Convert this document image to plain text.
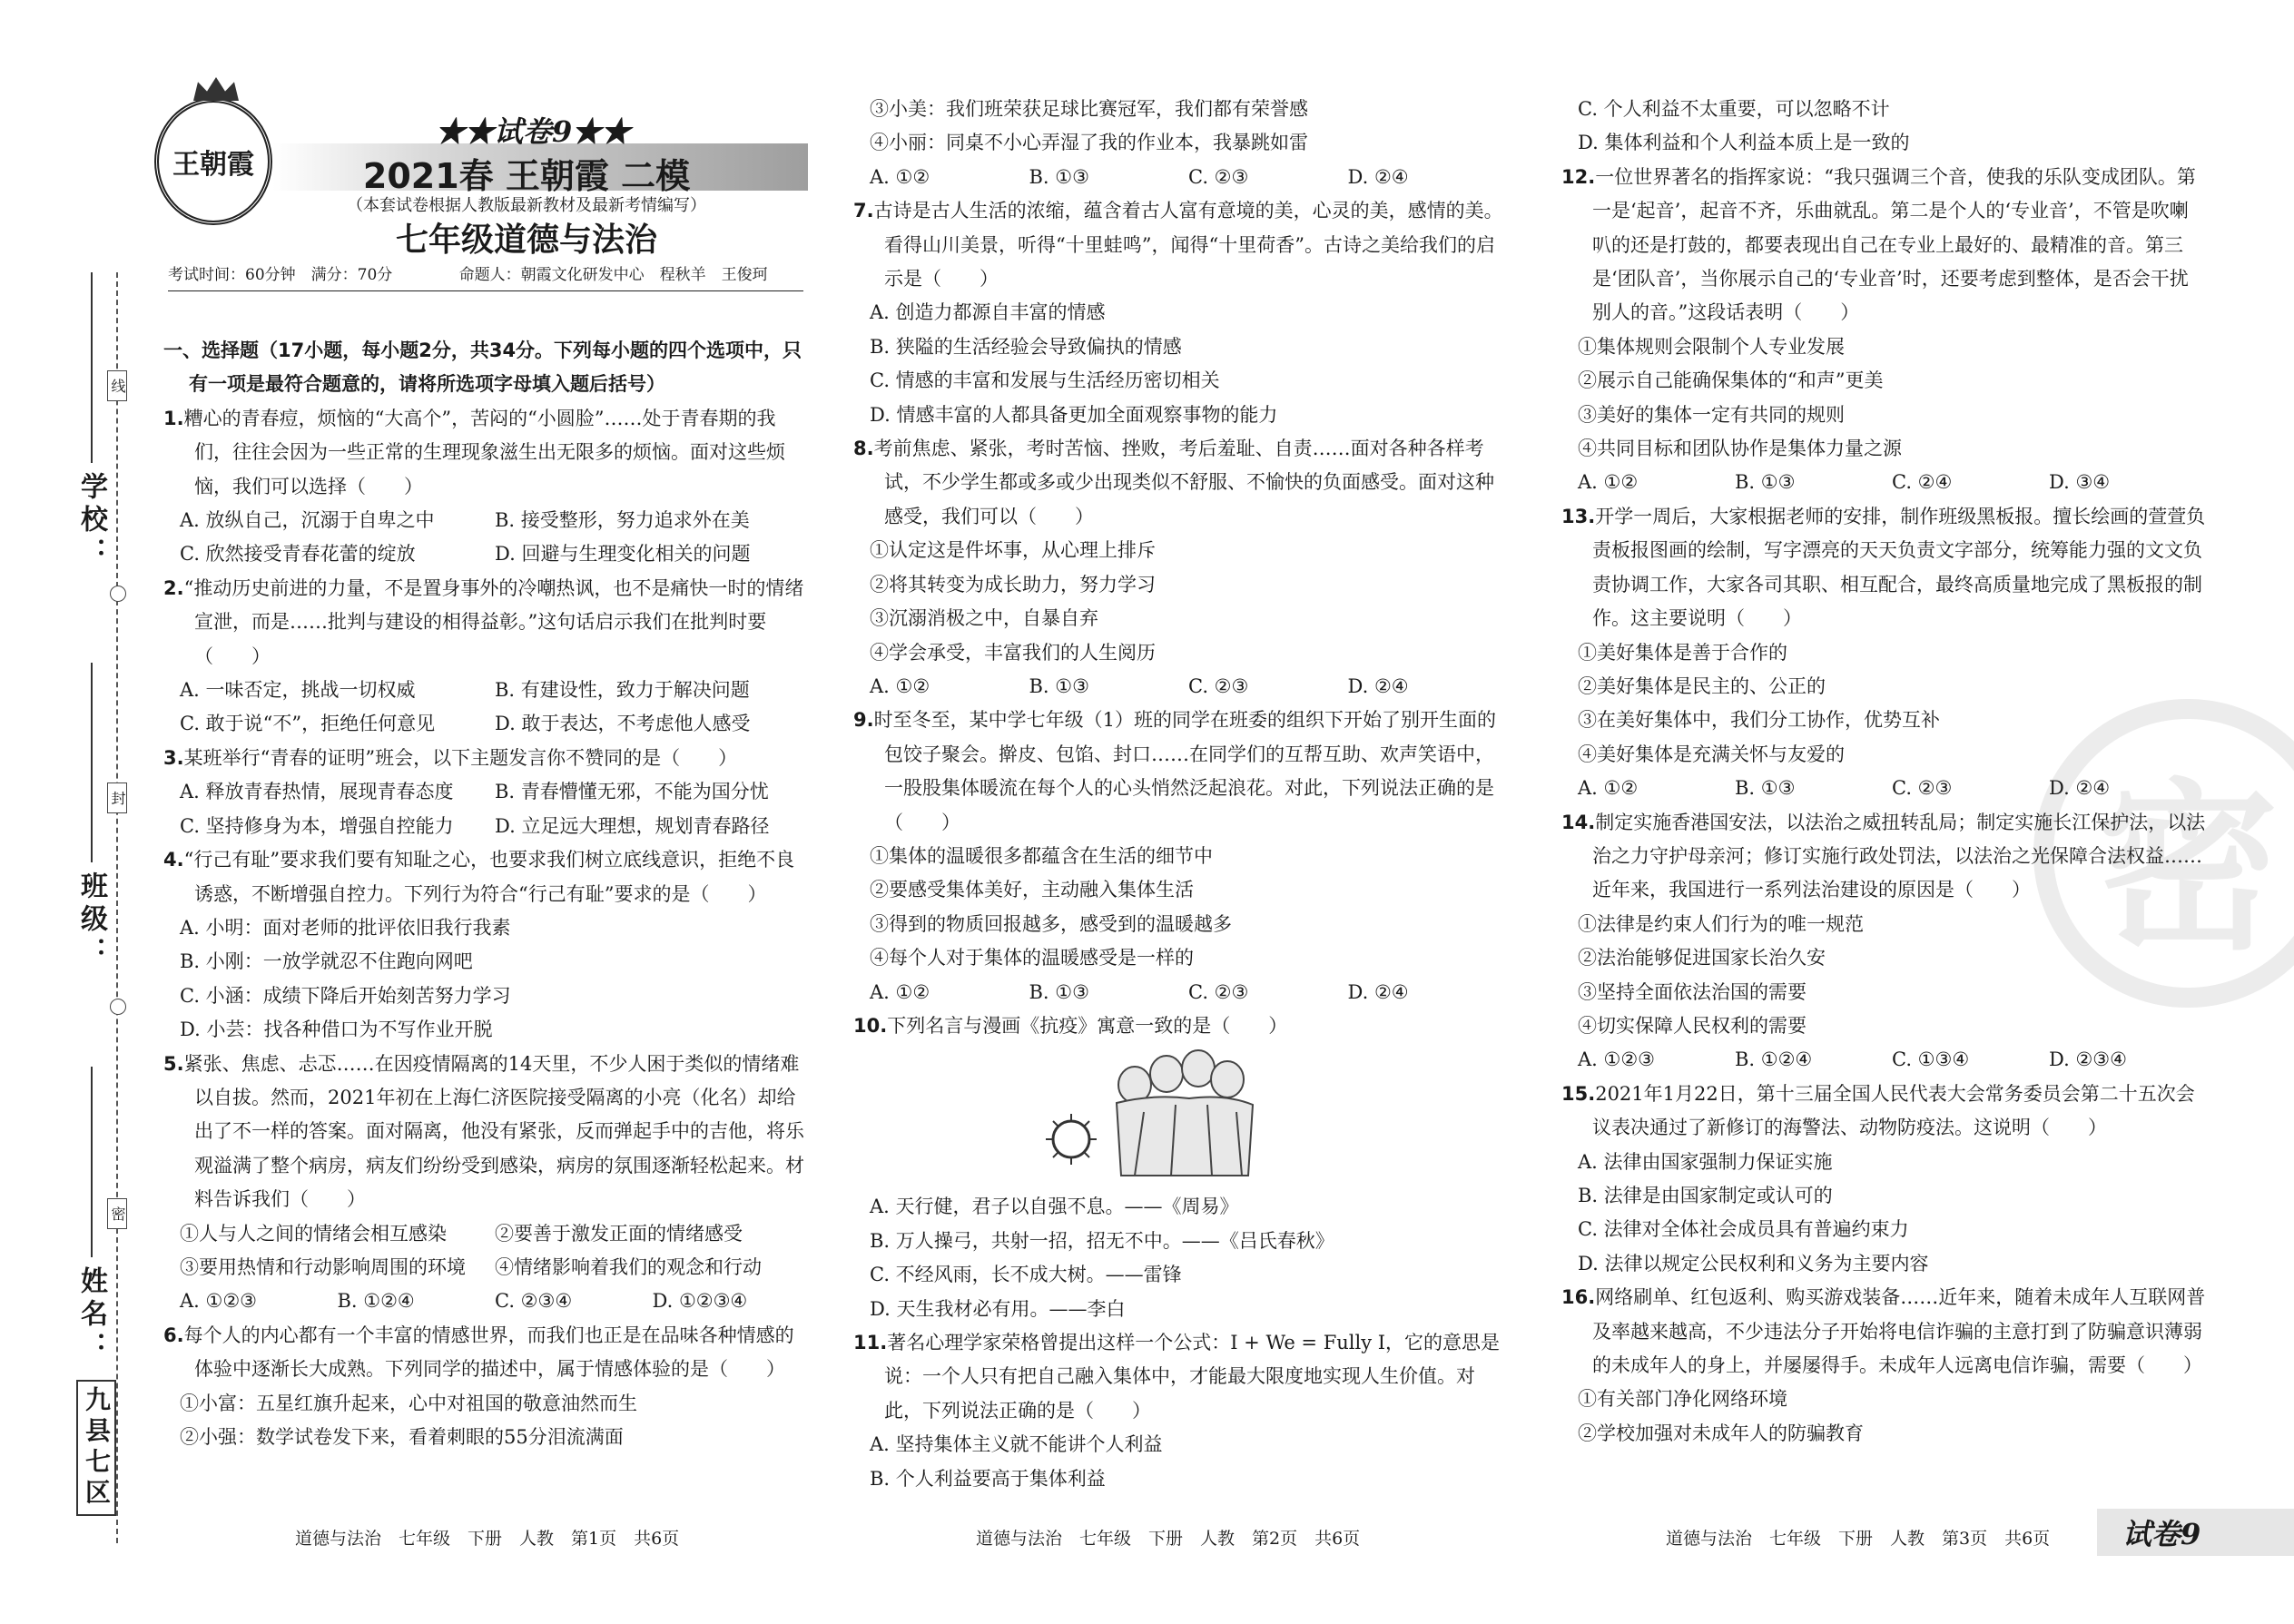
学校：
班级：
姓名：
线
封
密
九县七区
王朝霞
★★试卷9★★
2021春 王朝霞 二模
（本套试卷根据人教版最新教材及最新考情编写）
七年级道德与法治
考试时间：60分钟　满分：70分　　　　	命题人：朝霞文化研发中心　程秋羊　王俊珂
一、选择题（17小题，每小题2分，共34分。下列每小题的四个选项中，只
有一项是最符合题意的，请将所选项字母填入题后括号）
1.糟心的青春痘，烦恼的“大高个”，苦闷的“小圆脸”……处于青春期的我们，往往会因为一些正常的生理现象滋生出无限多的烦恼。面对这些烦恼，我们可以选择（　　）
A. 放纵自己，沉溺于自卑之中	B. 接受整形，努力追求外在美
C. 欣然接受青春花蕾的绽放	D. 回避与生理变化相关的问题
2.“推动历史前进的力量，不是置身事外的冷嘲热讽，也不是痛快一时的情绪宣泄，而是……批判与建设的相得益彰。”这句话启示我们在批判时要（　　）
A. 一味否定，挑战一切权威	B. 有建设性，致力于解决问题
C. 敢于说“不”，拒绝任何意见	D. 敢于表达，不考虑他人感受
3.某班举行“青春的证明”班会，以下主题发言你不赞同的是（　　）
A. 释放青春热情，展现青春态度	B. 青春懵懂无邪，不能为国分忧
C. 坚持修身为本，增强自控能力	D. 立足远大理想，规划青春路径
4.“行己有耻”要求我们要有知耻之心，也要求我们树立底线意识，拒绝不良诱惑，不断增强自控力。下列行为符合“行己有耻”要求的是（　　）
A. 小明：面对老师的批评依旧我行我素
B. 小刚：一放学就忍不住跑向网吧
C. 小涵：成绩下降后开始刻苦努力学习
D. 小芸：找各种借口为不写作业开脱
5.紧张、焦虑、忐忑……在因疫情隔离的14天里，不少人困于类似的情绪难以自拔。然而，2021年初在上海仁济医院接受隔离的小亮（化名）却给出了不一样的答案。面对隔离，他没有紧张，反而弹起手中的吉他，将乐观溢满了整个病房，病友们纷纷受到感染，病房的氛围逐渐轻松起来。材料告诉我们（　　）
①人与人之间的情绪会相互感染	②要善于激发正面的情绪感受
③要用热情和行动影响周围的环境	④情绪影响着我们的观念和行动
A. ①②③	B. ①②④	C. ②③④	D. ①②③④
6.每个人的内心都有一个丰富的情感世界，而我们也正是在品味各种情感的体验中逐渐长大成熟。下列同学的描述中，属于情感体验的是（　　）
①小富：五星红旗升起来，心中对祖国的敬意油然而生
②小强：数学试卷发下来，看着刺眼的55分泪流满面
③小美：我们班荣获足球比赛冠军，我们都有荣誉感
④小丽：同桌不小心弄湿了我的作业本，我暴跳如雷
A. ①②	B. ①③	C. ②③	D. ②④
7.古诗是古人生活的浓缩，蕴含着古人富有意境的美，心灵的美，感情的美。看得山川美景，听得“十里蛙鸣”，闻得“十里荷香”。古诗之美给我们的启示是（　　）
A. 创造力都源自丰富的情感
B. 狭隘的生活经验会导致偏执的情感
C. 情感的丰富和发展与生活经历密切相关
D. 情感丰富的人都具备更加全面观察事物的能力
8.考前焦虑、紧张，考时苦恼、挫败，考后羞耻、自责……面对各种各样考试，不少学生都或多或少出现类似不舒服、不愉快的负面感受。面对这种感受，我们可以（　　）
①认定这是件坏事，从心理上排斥
②将其转变为成长助力，努力学习
③沉溺消极之中，自暴自弃
④学会承受，丰富我们的人生阅历
A. ①②	B. ①③	C. ②③	D. ②④
9.时至冬至，某中学七年级（1）班的同学在班委的组织下开始了别开生面的包饺子聚会。擀皮、包馅、封口……在同学们的互帮互助、欢声笑语中，一股股集体暖流在每个人的心头悄然泛起浪花。对此，下列说法正确的是（　　）
①集体的温暖很多都蕴含在生活的细节中
②要感受集体美好，主动融入集体生活
③得到的物质回报越多，感受到的温暖越多
④每个人对于集体的温暖感受是一样的
A. ①②	B. ①③	C. ②③	D. ②④
10.下列名言与漫画《抗疫》寓意一致的是（　　）
A. 天行健，君子以自强不息。——《周易》
B. 万人操弓，共射一招，招无不中。——《吕氏春秋》
C. 不经风雨，长不成大树。——雷锋
D. 天生我材必有用。——李白
11.著名心理学家荣格曾提出这样一个公式：I + We = Fully I，它的意思是说：一个人只有把自己融入集体中，才能最大限度地实现人生价值。对此，下列说法正确的是（　　）
A. 坚持集体主义就不能讲个人利益
B. 个人利益要高于集体利益
密
C. 个人利益不太重要，可以忽略不计
D. 集体利益和个人利益本质上是一致的
12.一位世界著名的指挥家说：“我只强调三个音，使我的乐队变成团队。第一是‘起音’，起音不齐，乐曲就乱。第二是个人的‘专业音’，不管是吹喇叭的还是打鼓的，都要表现出自己在专业上最好的、最精准的音。第三是‘团队音’，当你展示自己的‘专业音’时，还要考虑到整体，是否会干扰别人的音。”这段话表明（　　）
①集体规则会限制个人专业发展
②展示自己能确保集体的“和声”更美
③美好的集体一定有共同的规则
④共同目标和团队协作是集体力量之源
A. ①②	B. ①③	C. ②④	D. ③④
13.开学一周后，大家根据老师的安排，制作班级黑板报。擅长绘画的萱萱负责板报图画的绘制，写字漂亮的天天负责文字部分，统筹能力强的文文负责协调工作，大家各司其职、相互配合，最终高质量地完成了黑板报的制作。这主要说明（　　）
①美好集体是善于合作的
②美好集体是民主的、公正的
③在美好集体中，我们分工协作，优势互补
④美好集体是充满关怀与友爱的
A. ①②	B. ①③	C. ②③	D. ②④
14.制定实施香港国安法，以法治之威扭转乱局；制定实施长江保护法，以法治之力守护母亲河；修订实施行政处罚法，以法治之光保障合法权益……近年来，我国进行一系列法治建设的原因是（　　）
①法律是约束人们行为的唯一规范
②法治能够促进国家长治久安
③坚持全面依法治国的需要
④切实保障人民权利的需要
A. ①②③	B. ①②④	C. ①③④	D. ②③④
15.2021年1月22日，第十三届全国人民代表大会常务委员会第二十五次会议表决通过了新修订的海警法、动物防疫法。这说明（　　）
A. 法律由国家强制力保证实施
B. 法律是由国家制定或认可的
C. 法律对全体社会成员具有普遍约束力
D. 法律以规定公民权利和义务为主要内容
16.网络刷单、红包返利、购买游戏装备……近年来，随着未成年人互联网普及率越来越高，不少违法分子开始将电信诈骗的主意打到了防骗意识薄弱的未成年人的身上，并屡屡得手。未成年人远离电信诈骗，需要（　　）
①有关部门净化网络环境
②学校加强对未成年人的防骗教育
道德与法治　七年级　下册　人教　第1页　共6页	道德与法治　七年级　下册　人教　第2页　共6页	道德与法治　七年级　下册　人教　第3页　共6页 试卷9
